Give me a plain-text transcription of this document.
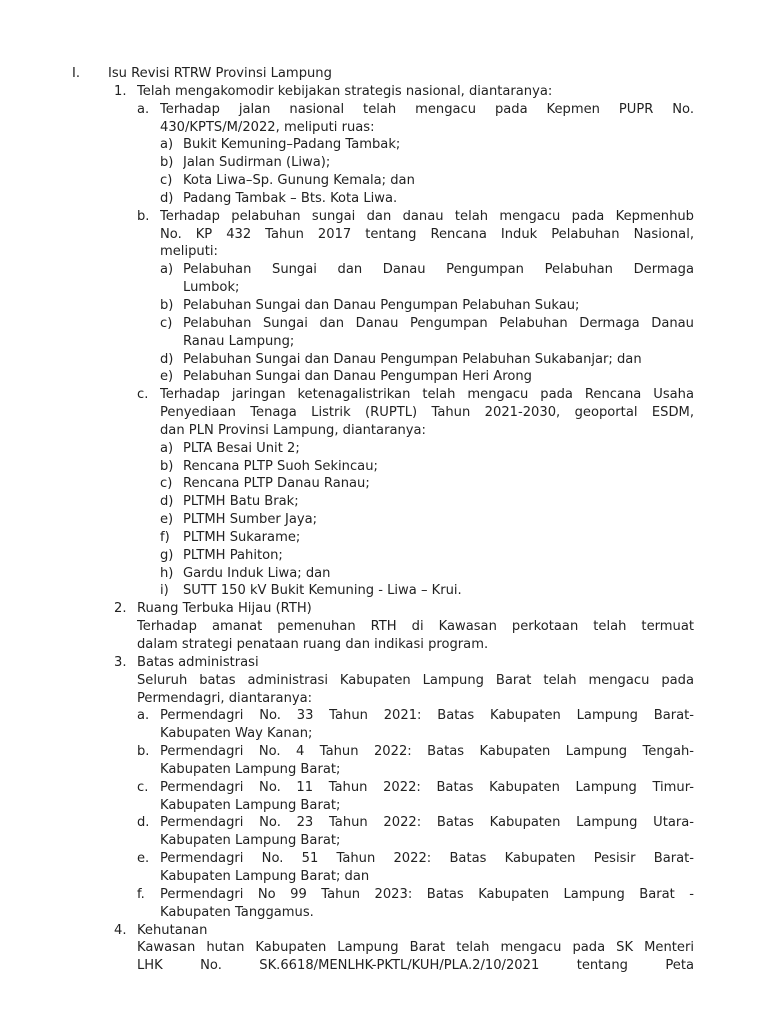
I. Isu Revisi RTRW Provinsi Lampung
1. Telah mengakomodir kebijakan strategis nasional, diantaranya:
a. Terhadap jalan nasional telah mengacu pada Kepmen PUPR No.
430/KPTS/M/2022, meliputi ruas:
a) Bukit Kemuning–Padang Tambak;
b) Jalan Sudirman (Liwa);
c) Kota Liwa–Sp. Gunung Kemala; dan
d) Padang Tambak – Bts. Kota Liwa.
b. Terhadap pelabuhan sungai dan danau telah mengacu pada Kepmenhub
No. KP 432 Tahun 2017 tentang Rencana Induk Pelabuhan Nasional,
meliputi:
a) Pelabuhan Sungai dan Danau Pengumpan Pelabuhan Dermaga
Lumbok;
b) Pelabuhan Sungai dan Danau Pengumpan Pelabuhan Sukau;
c) Pelabuhan Sungai dan Danau Pengumpan Pelabuhan Dermaga Danau
Ranau Lampung;
d) Pelabuhan Sungai dan Danau Pengumpan Pelabuhan Sukabanjar; dan
e) Pelabuhan Sungai dan Danau Pengumpan Heri Arong
c. Terhadap jaringan ketenagalistrikan telah mengacu pada Rencana Usaha
Penyediaan Tenaga Listrik (RUPTL) Tahun 2021-2030, geoportal ESDM,
dan PLN Provinsi Lampung, diantaranya:
a) PLTA Besai Unit 2;
b) Rencana PLTP Suoh Sekincau;
c) Rencana PLTP Danau Ranau;
d) PLTMH Batu Brak;
e) PLTMH Sumber Jaya;
f) PLTMH Sukarame;
g) PLTMH Pahiton;
h) Gardu Induk Liwa; dan
i) SUTT 150 kV Bukit Kemuning - Liwa – Krui.
2. Ruang Terbuka Hijau (RTH)
Terhadap amanat pemenuhan RTH di Kawasan perkotaan telah termuat
dalam strategi penataan ruang dan indikasi program.
3. Batas administrasi
Seluruh batas administrasi Kabupaten Lampung Barat telah mengacu pada
Permendagri, diantaranya:
a. Permendagri No. 33 Tahun 2021: Batas Kabupaten Lampung Barat-
Kabupaten Way Kanan;
b. Permendagri No. 4 Tahun 2022: Batas Kabupaten Lampung Tengah-
Kabupaten Lampung Barat;
c. Permendagri No. 11 Tahun 2022: Batas Kabupaten Lampung Timur-
Kabupaten Lampung Barat;
d. Permendagri No. 23 Tahun 2022: Batas Kabupaten Lampung Utara-
Kabupaten Lampung Barat;
e. Permendagri No. 51 Tahun 2022: Batas Kabupaten Pesisir Barat-
Kabupaten Lampung Barat; dan
f. Permendagri No 99 Tahun 2023: Batas Kabupaten Lampung Barat -
Kabupaten Tanggamus.
4. Kehutanan
Kawasan hutan Kabupaten Lampung Barat telah mengacu pada SK Menteri
LHK No. SK.6618/MENLHK-PKTL/KUH/PLA.2/10/2021 tentang Peta
